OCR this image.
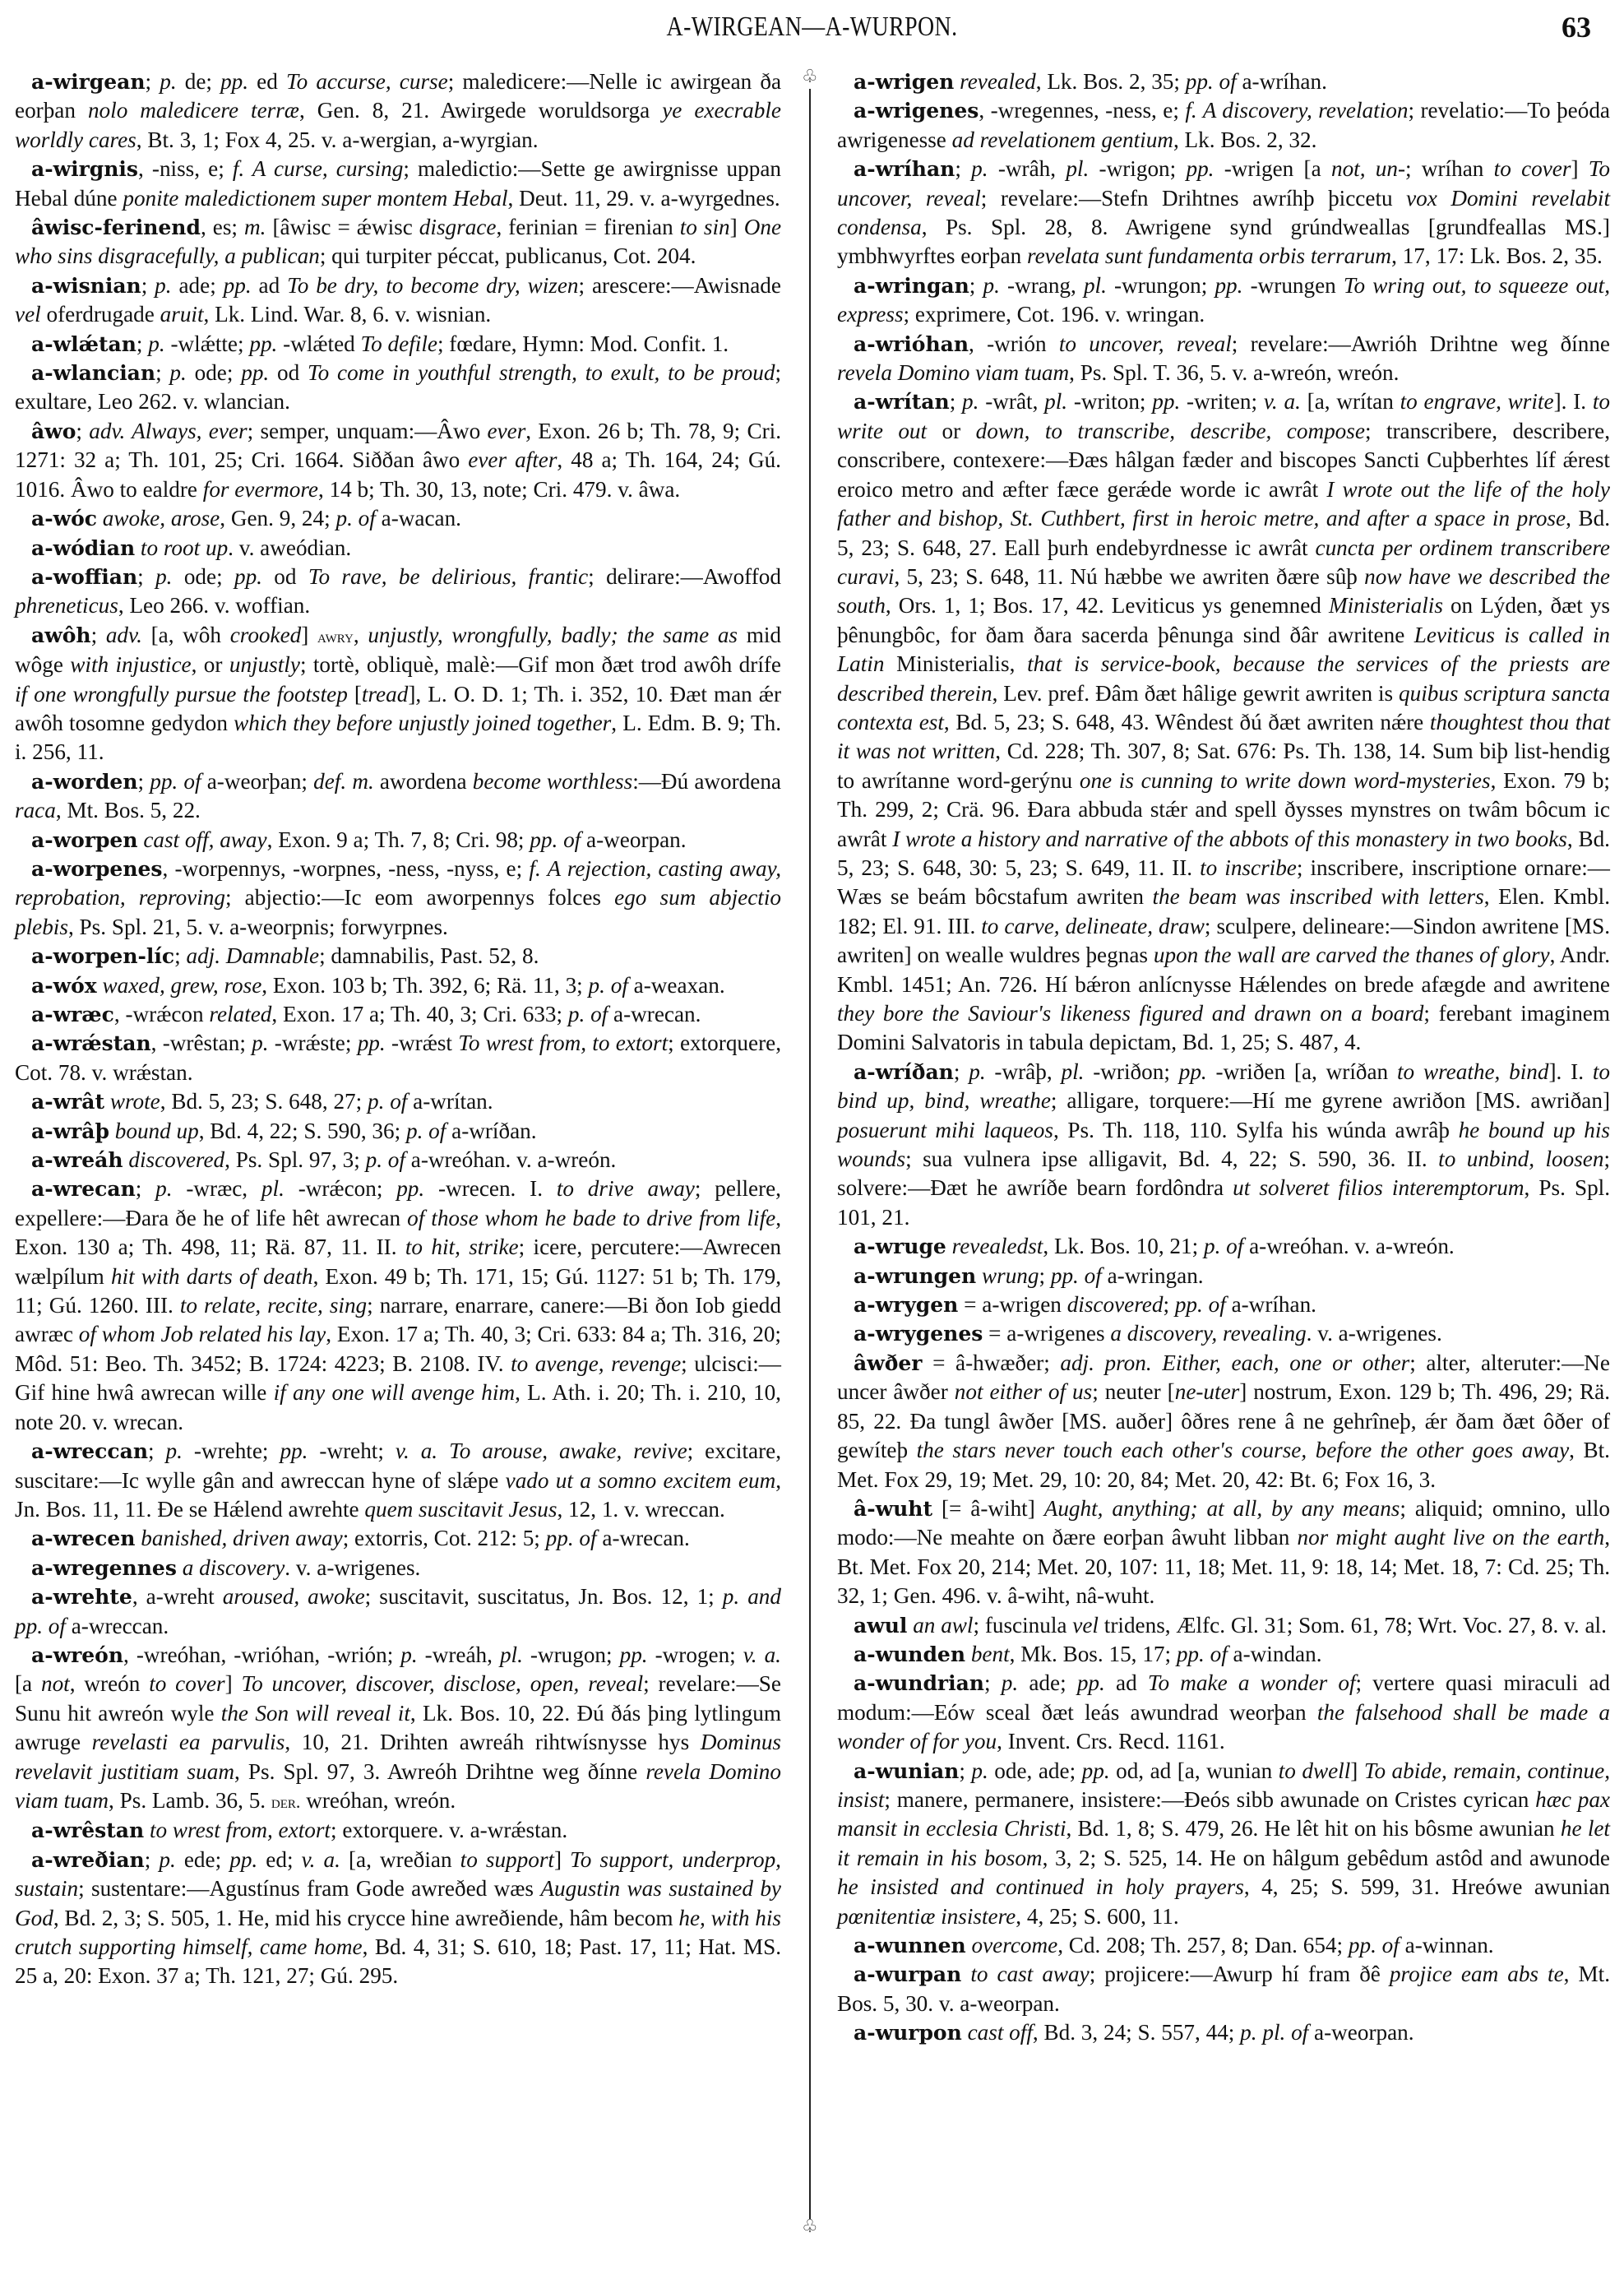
A-WIRGEAN—A-WURPON.	63

a-wirgean; p. de; pp. ed To accurse, curse; maledicere:—Nelle ic awirgean ða eorþan nolo maledicere terræ, Gen. 8, 21. Awirgede woruldsorga ye execrable worldly cares, Bt. 3, 1; Fox 4, 25. v. a-wergian, a-wyrgian.

a-wirgnis, -niss, e; f. A curse, cursing; maledictio:—Sette ge awirgnisse uppan Hebal dúne ponite maledictionem super montem Hebal, Deut. 11, 29. v. a-wyrgednes.

âwisc-ferinend, es; m. [âwisc = ǽwisc disgrace, ferinian = firenian to sin] One who sins disgracefully, a publican; qui turpiter péccat, publicanus, Cot. 204.

a-wisnian; p. ade; pp. ad To be dry, to become dry, wizen; arescere:—Awisnade vel oferdrugade aruit, Lk. Lind. War. 8, 6. v. wisnian.

a-wlǽtan; p. -wlǽtte; pp. -wlǽted To defile; fœdare, Hymn: Mod. Confit. 1.

a-wlancian; p. ode; pp. od To come in youthful strength, to exult, to be proud; exultare, Leo 262. v. wlancian.

âwo; adv. Always, ever; semper, unquam:—Âwo ever, Exon. 26 b; Th. 78, 9; Cri. 1271: 32 a; Th. 101, 25; Cri. 1664. Siððan âwo ever after, 48 a; Th. 164, 24; Gú. 1016. Âwo to ealdre for evermore, 14 b; Th. 30, 13, note; Cri. 479. v. âwa.

a-wóc awoke, arose, Gen. 9, 24; p. of a-wacan.

a-wódian to root up. v. aweódian.

a-woffian; p. ode; pp. od To rave, be delirious, frantic; delirare:—Awoffod phreneticus, Leo 266. v. woffian.

awôh; adv. [a, wôh crooked] awry, unjustly, wrongfully, badly; the same as mid wôge with injustice, or unjustly; tortè, obliquè, malè:—Gif mon ðæt trod awôh drífe if one wrongfully pursue the footstep [tread], L. O. D. 1; Th. i. 352, 10. Ðæt man ǽr awôh tosomne gedydon which they before unjustly joined together, L. Edm. B. 9; Th. i. 256, 11.

a-worden; pp. of a-weorþan; def. m. awordena become worthless:—Ðú awordena raca, Mt. Bos. 5, 22.

a-worpen cast off, away, Exon. 9 a; Th. 7, 8; Cri. 98; pp. of a-weorpan.

a-worpenes, -worpennys, -worpnes, -ness, -nyss, e; f. A rejection, casting away, reprobation, reproving; abjectio:—Ic eom aworpennys folces ego sum abjectio plebis, Ps. Spl. 21, 5. v. a-weorpnis; forwyrpnes.

a-worpen-líc; adj. Damnable; damnabilis, Past. 52, 8.

a-wóx waxed, grew, rose, Exon. 103 b; Th. 392, 6; Rä. 11, 3; p. of a-weaxan.

a-wræc, -wrǽcon related, Exon. 17 a; Th. 40, 3; Cri. 633; p. of a-wrecan.

a-wrǽstan, -wrêstan; p. -wrǽste; pp. -wrǽst To wrest from, to extort; extorquere, Cot. 78. v. wrǽstan.

a-wrât wrote, Bd. 5, 23; S. 648, 27; p. of a-wrítan.

a-wrâþ bound up, Bd. 4, 22; S. 590, 36; p. of a-wríðan.

a-wreáh discovered, Ps. Spl. 97, 3; p. of a-wreóhan. v. a-wreón.

a-wrecan; p. -wræc, pl. -wrǽcon; pp. -wrecen. I. to drive away; pellere, expellere:—Ðara ðe he of life hêt awrecan of those whom he bade to drive from life, Exon. 130 a; Th. 498, 11; Rä. 87, 11. II. to hit, strike; icere, percutere:—Awrecen wælpílum hit with darts of death, Exon. 49 b; Th. 171, 15; Gú. 1127: 51 b; Th. 179, 11; Gú. 1260. III. to relate, recite, sing; narrare, enarrare, canere:—Bi ðon Iob giedd awræc of whom Job related his lay, Exon. 17 a; Th. 40, 3; Cri. 633: 84 a; Th. 316, 20; Môd. 51: Beo. Th. 3452; B. 1724: 4223; B. 2108. IV. to avenge, revenge; ulcisci:—Gif hine hwâ awrecan wille if any one will avenge him, L. Ath. i. 20; Th. i. 210, 10, note 20. v. wrecan.

a-wreccan; p. -wrehte; pp. -wreht; v. a. To arouse, awake, revive; excitare, suscitare:—Ic wylle gân and awreccan hyne of slǽpe vado ut a somno excitem eum, Jn. Bos. 11, 11. Ðe se Hǽlend awrehte quem suscitavit Jesus, 12, 1. v. wreccan.

a-wrecen banished, driven away; extorris, Cot. 212: 5; pp. of a-wrecan.

a-wregennes a discovery. v. a-wrigenes.

a-wrehte, a-wreht aroused, awoke; suscitavit, suscitatus, Jn. Bos. 12, 1; p. and pp. of a-wreccan.

a-wreón, -wreóhan, -wrióhan, -wrión; p. -wreáh, pl. -wrugon; pp. -wrogen; v. a. [a not, wreón to cover] To uncover, discover, disclose, open, reveal; revelare:—Se Sunu hit awreón wyle the Son will reveal it, Lk. Bos. 10, 22. Ðú ðás þing lytlingum awruge revelasti ea parvulis, 10, 21. Drihten awreáh rihtwísnysse hys Dominus revelavit justitiam suam, Ps. Spl. 97, 3. Awreóh Drihtne weg ðínne revela Domino viam tuam, Ps. Lamb. 36, 5. der. wreóhan, wreón.

a-wrêstan to wrest from, extort; extorquere. v. a-wrǽstan.

a-wreðian; p. ede; pp. ed; v. a. [a, wreðian to support] To support, underprop, sustain; sustentare:—Agustínus fram Gode awreðed wæs Augustin was sustained by God, Bd. 2, 3; S. 505, 1. He, mid his crycce hine awreðiende, hâm becom he, with his crutch supporting himself, came home, Bd. 4, 31; S. 610, 18; Past. 17, 11; Hat. MS. 25 a, 20: Exon. 37 a; Th. 121, 27; Gú. 295.

♧
♧

a-wrigen revealed, Lk. Bos. 2, 35; pp. of a-wríhan.

a-wrigenes, -wregennes, -ness, e; f. A discovery, revelation; revelatio:—To þeóda awrigenesse ad revelationem gentium, Lk. Bos. 2, 32.

a-wríhan; p. -wrâh, pl. -wrigon; pp. -wrigen [a not, un-; wríhan to cover] To uncover, reveal; revelare:—Stefn Drihtnes awríhþ þiccetu vox Domini revelabit condensa, Ps. Spl. 28, 8. Awrigene synd grúndweallas [grundfeallas MS.] ymbhwyrftes eorþan revelata sunt fundamenta orbis terrarum, 17, 17: Lk. Bos. 2, 35.

a-wringan; p. -wrang, pl. -wrungon; pp. -wrungen To wring out, to squeeze out, express; exprimere, Cot. 196. v. wringan.

a-wrióhan, -wrión to uncover, reveal; revelare:—Awrióh Drihtne weg ðínne revela Domino viam tuam, Ps. Spl. T. 36, 5. v. a-wreón, wreón.

a-wrítan; p. -wrât, pl. -writon; pp. -writen; v. a. [a, wrítan to engrave, write]. I. to write out or down, to transcribe, describe, compose; transcribere, describere, conscribere, contexere:—Ðæs hâlgan fæder and biscopes Sancti Cuþberhtes líf ǽrest eroico metro and æfter fæce gerǽde worde ic awrât I wrote out the life of the holy father and bishop, St. Cuthbert, first in heroic metre, and after a space in prose, Bd. 5, 23; S. 648, 27. Eall þurh endebyrdnesse ic awrât cuncta per ordinem transcribere curavi, 5, 23; S. 648, 11. Nú hæbbe we awriten ðære sûþ now have we described the south, Ors. 1, 1; Bos. 17, 42. Leviticus ys genemned Ministerialis on Lýden, ðæt ys þênungbôc, for ðam ðara sacerda þênunga sind ðâr awritene Leviticus is called in Latin Ministerialis, that is service-book, because the services of the priests are described therein, Lev. pref. Ðâm ðæt hâlige gewrit awriten is quibus scriptura sancta contexta est, Bd. 5, 23; S. 648, 43. Wêndest ðú ðæt awriten nǽre thoughtest thou that it was not written, Cd. 228; Th. 307, 8; Sat. 676: Ps. Th. 138, 14. Sum biþ list-hendig to awrítanne word-gerýnu one is cunning to write down word-mysteries, Exon. 79 b; Th. 299, 2; Crä. 96. Ðara abbuda stǽr and spell ðysses mynstres on twâm bôcum ic awrât I wrote a history and narrative of the abbots of this monastery in two books, Bd. 5, 23; S. 648, 30: 5, 23; S. 649, 11. II. to inscribe; inscribere, inscriptione ornare:—Wæs se beám bôcstafum awriten the beam was inscribed with letters, Elen. Kmbl. 182; El. 91. III. to carve, delineate, draw; sculpere, delineare:—Sindon awritene [MS. awriten] on wealle wuldres þegnas upon the wall are carved the thanes of glory, Andr. Kmbl. 1451; An. 726. Hí bǽron anlícnysse Hǽlendes on brede afægde and awritene they bore the Saviour's likeness figured and drawn on a board; ferebant imaginem Domini Salvatoris in tabula depictam, Bd. 1, 25; S. 487, 4.

a-wríðan; p. -wrâþ, pl. -wriðon; pp. -wriðen [a, wríðan to wreathe, bind]. I. to bind up, bind, wreathe; alligare, torquere:—Hí me gyrene awriðon [MS. awriðan] posuerunt mihi laqueos, Ps. Th. 118, 110. Sylfa his wúnda awrâþ he bound up his wounds; sua vulnera ipse alligavit, Bd. 4, 22; S. 590, 36. II. to unbind, loosen; solvere:—Ðæt he awríðe bearn fordôndra ut solveret filios interemptorum, Ps. Spl. 101, 21.

a-wruge revealedst, Lk. Bos. 10, 21; p. of a-wreóhan. v. a-wreón.

a-wrungen wrung; pp. of a-wringan.

a-wrygen = a-wrigen discovered; pp. of a-wríhan.

a-wrygenes = a-wrigenes a discovery, revealing. v. a-wrigenes.

âwðer = â-hwæðer; adj. pron. Either, each, one or other; alter, alteruter:—Ne uncer âwðer not either of us; neuter [ne-uter] nostrum, Exon. 129 b; Th. 496, 29; Rä. 85, 22. Ða tungl âwðer [MS. auðer] ôðres rene â ne gehrîneþ, ǽr ðam ðæt ôðer of gewíteþ the stars never touch each other's course, before the other goes away, Bt. Met. Fox 29, 19; Met. 29, 10: 20, 84; Met. 20, 42: Bt. 6; Fox 16, 3.

â-wuht [= â-wiht] Aught, anything; at all, by any means; aliquid; omnino, ullo modo:—Ne meahte on ðære eorþan âwuht libban nor might aught live on the earth, Bt. Met. Fox 20, 214; Met. 20, 107: 11, 18; Met. 11, 9: 18, 14; Met. 18, 7: Cd. 25; Th. 32, 1; Gen. 496. v. â-wiht, nâ-wuht.

awul an awl; fuscinula vel tridens, Ælfc. Gl. 31; Som. 61, 78; Wrt. Voc. 27, 8. v. al.

a-wunden bent, Mk. Bos. 15, 17; pp. of a-windan.

a-wundrian; p. ade; pp. ad To make a wonder of; vertere quasi miraculi ad modum:—Eów sceal ðæt leás awundrad weorþan the falsehood shall be made a wonder of for you, Invent. Crs. Recd. 1161.

a-wunian; p. ode, ade; pp. od, ad [a, wunian to dwell] To abide, remain, continue, insist; manere, permanere, insistere:—Ðeós sibb awunade on Cristes cyrican hæc pax mansit in ecclesia Christi, Bd. 1, 8; S. 479, 26. He lêt hit on his bôsme awunian he let it remain in his bosom, 3, 2; S. 525, 14. He on hâlgum gebêdum astôd and awunode he insisted and continued in holy prayers, 4, 25; S. 599, 31. Hreówe awunian pœnitentiæ insistere, 4, 25; S. 600, 11.

a-wunnen overcome, Cd. 208; Th. 257, 8; Dan. 654; pp. of a-winnan.

a-wurpan to cast away; projicere:—Awurp hí fram ðê projice eam abs te, Mt. Bos. 5, 30. v. a-weorpan.

a-wurpon cast off, Bd. 3, 24; S. 557, 44; p. pl. of a-weorpan.
